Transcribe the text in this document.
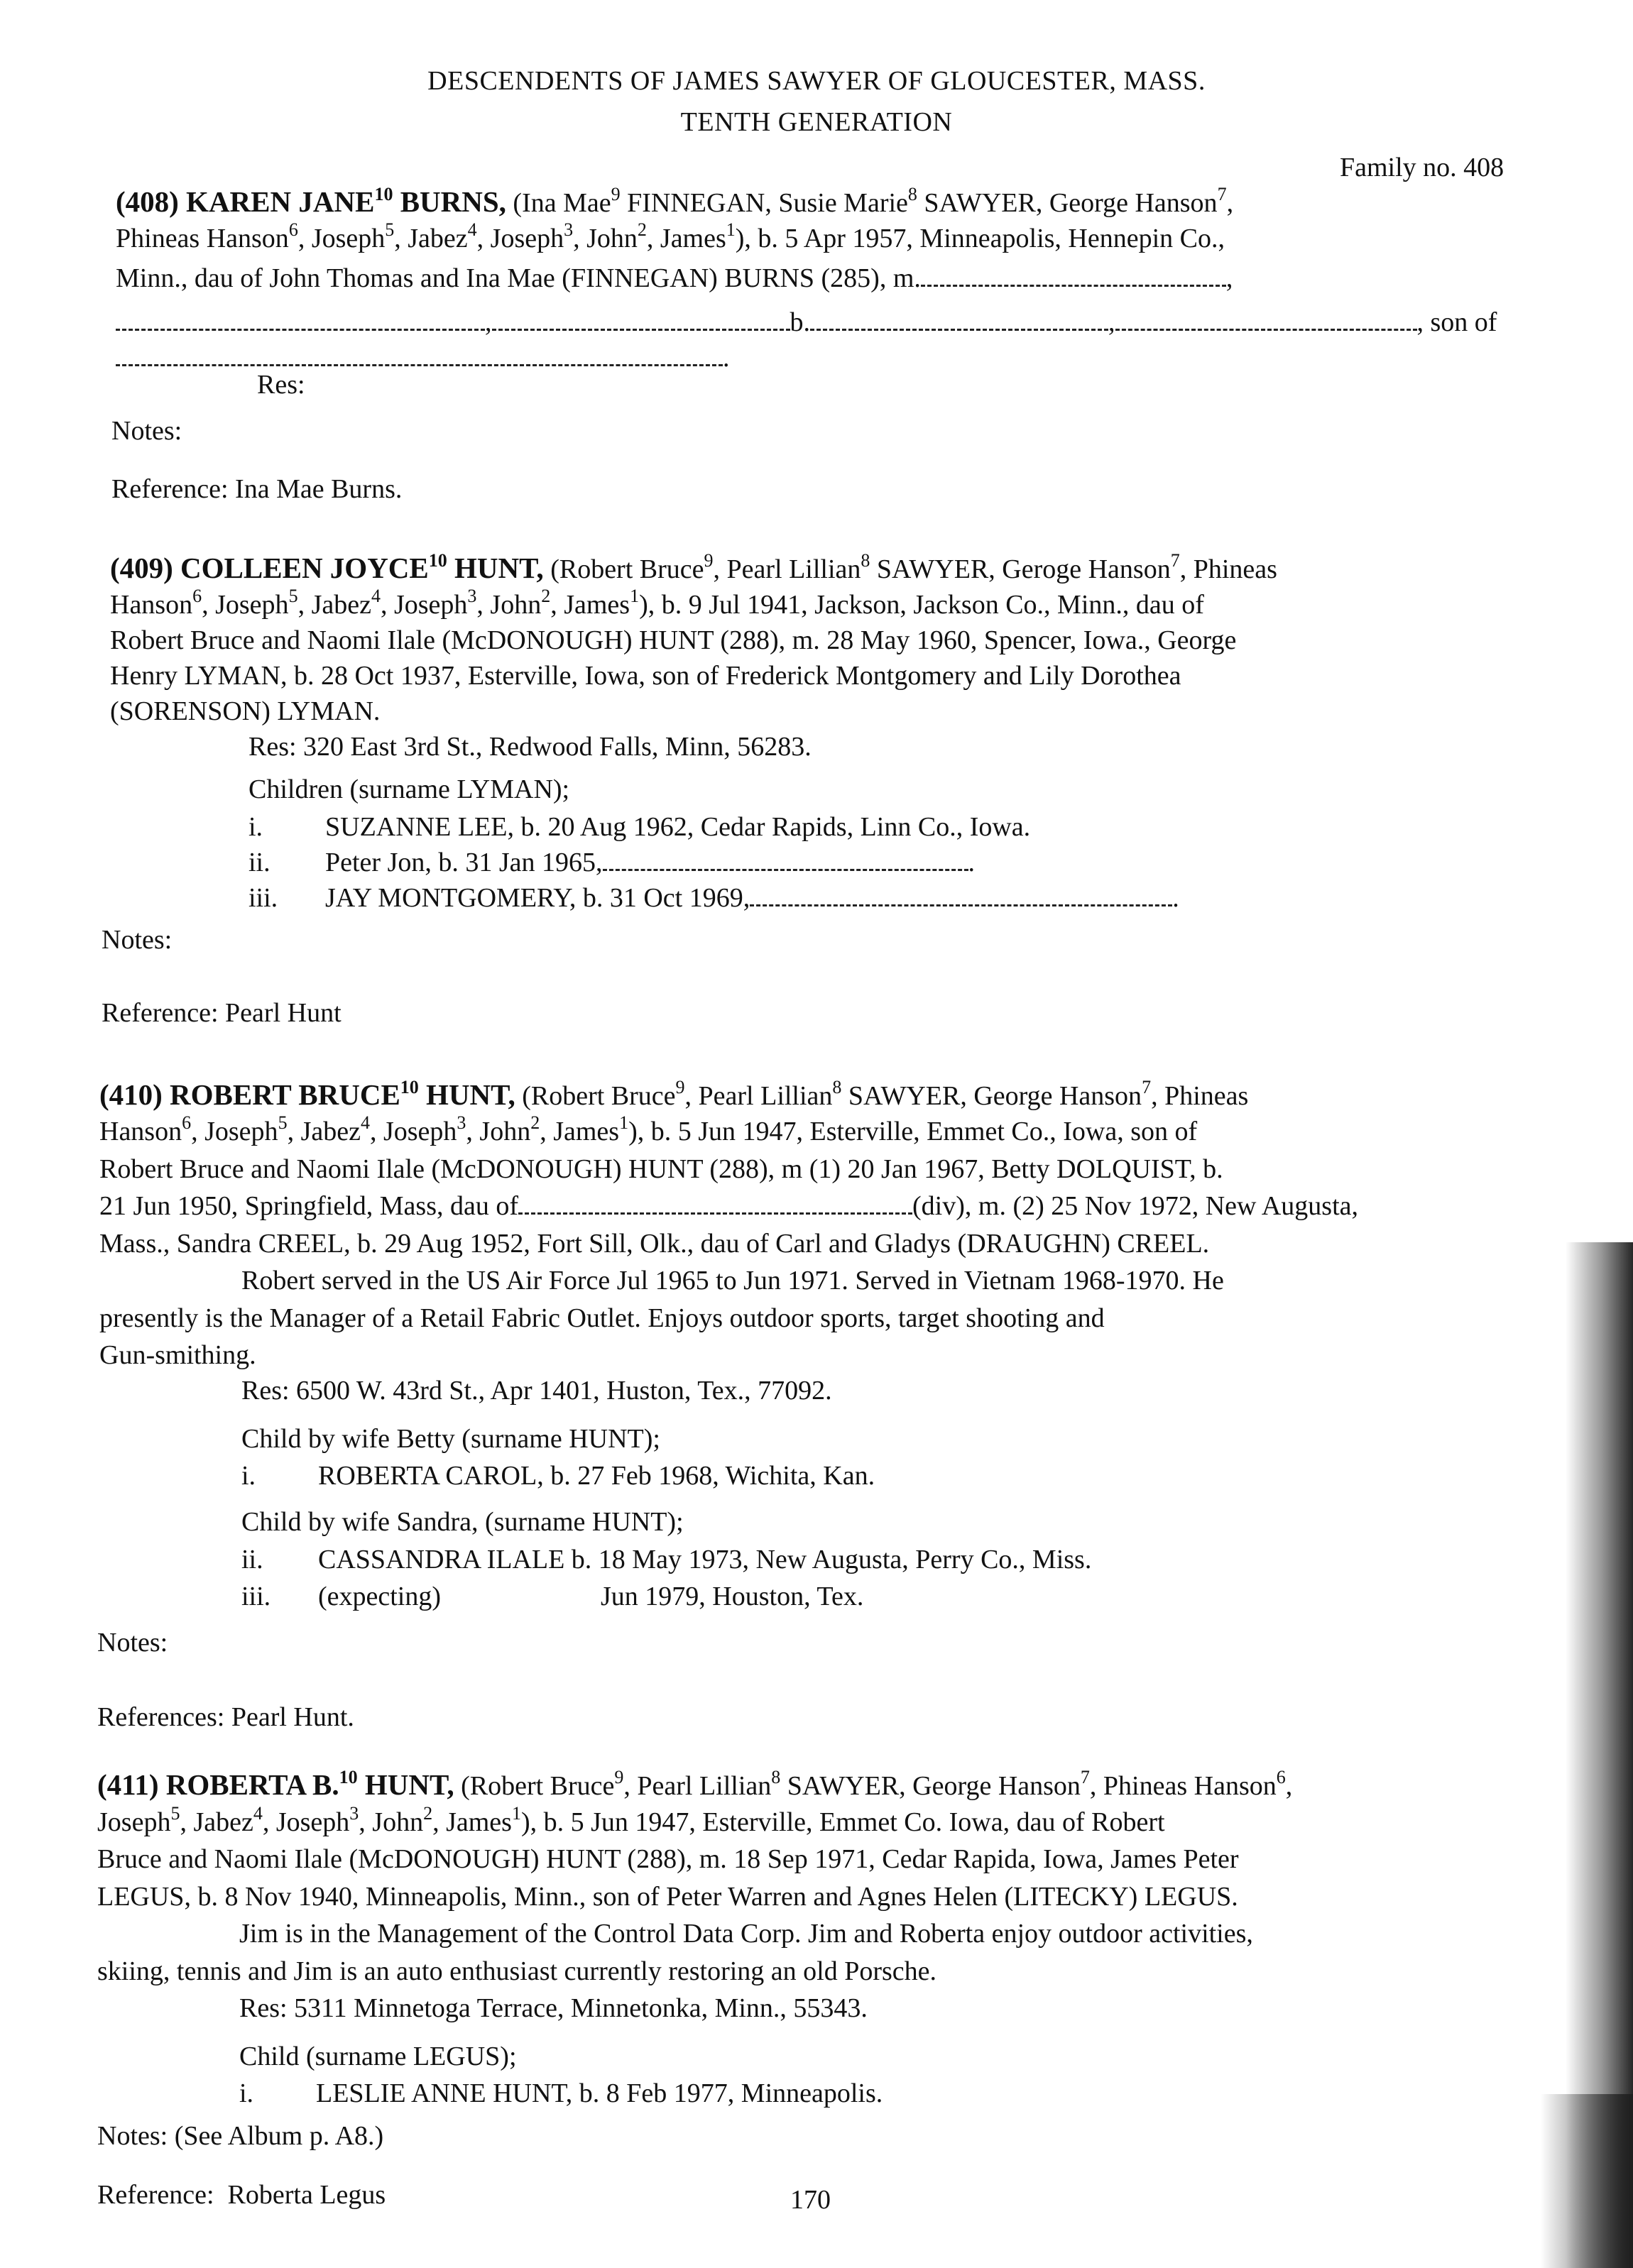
DESCENDENTS OF JAMES SAWYER OF GLOUCESTER, MASS.
TENTH GENERATION
Family no. 408
(408) KAREN JANE$^{10}$ BURNS, (Ina Mae$^9$ FINNEGAN, Susie Marie$^8$ SAWYER, George Hanson$^7$,
Phineas Hanson$^6$, Joseph$^5$, Jabez$^4$, Joseph$^3$, John$^2$, James$^1$), b. 5 Apr 1957, Minneapolis, Hennepin Co.,
Minn., dau of John Thomas and Ina Mae (FINNEGAN) BURNS (285), m.	,
,	b.	,	, son of
.
Res:
Notes:
Reference: Ina Mae Burns.
(409) COLLEEN JOYCE$^{10}$ HUNT, (Robert Bruce$^9$, Pearl Lillian$^8$ SAWYER, Geroge Hanson$^7$, Phineas
Hanson$^6$, Joseph$^5$, Jabez$^4$, Joseph$^3$, John$^2$, James$^1$), b. 9 Jul 1941, Jackson, Jackson Co., Minn., dau of
Robert Bruce and Naomi Ilale (McDONOUGH) HUNT (288), m. 28 May 1960, Spencer, Iowa., George
Henry LYMAN, b. 28 Oct 1937, Esterville, Iowa, son of Frederick Montgomery and Lily Dorothea
(SORENSON) LYMAN.
Res: 320 East 3rd St., Redwood Falls, Minn, 56283.
Children (surname LYMAN);
i. SUZANNE LEE, b. 20 Aug 1962, Cedar Rapids, Linn Co., Iowa.
ii. Peter Jon, b. 31 Jan 1965,	.
iii. JAY MONTGOMERY, b. 31 Oct 1969,	.
Notes:
Reference: Pearl Hunt
(410) ROBERT BRUCE$^{10}$ HUNT, (Robert Bruce$^9$, Pearl Lillian$^8$ SAWYER, George Hanson$^7$, Phineas
Hanson$^6$, Joseph$^5$, Jabez$^4$, Joseph$^3$, John$^2$, James$^1$), b. 5 Jun 1947, Esterville, Emmet Co., Iowa, son of
Robert Bruce and Naomi Ilale (McDONOUGH) HUNT (288), m (1) 20 Jan 1967, Betty DOLQUIST, b.
21 Jun 1950, Springfield, Mass, dau of	(div), m. (2) 25 Nov 1972, New Augusta,
Mass., Sandra CREEL, b. 29 Aug 1952, Fort Sill, Olk., dau of Carl and Gladys (DRAUGHN) CREEL.
Robert served in the US Air Force Jul 1965 to Jun 1971. Served in Vietnam 1968-1970. He
presently is the Manager of a Retail Fabric Outlet. Enjoys outdoor sports, target shooting and
Gun-smithing.
Res: 6500 W. 43rd St., Apr 1401, Huston, Tex., 77092.
Child by wife Betty (surname HUNT);
i. ROBERTA CAROL, b. 27 Feb 1968, Wichita, Kan.
Child by wife Sandra, (surname HUNT);
ii. CASSANDRA ILALE b. 18 May 1973, New Augusta, Perry Co., Miss.
iii. (expecting)	Jun 1979, Houston, Tex.
Notes:
References: Pearl Hunt.
(411) ROBERTA B.$^{10}$ HUNT, (Robert Bruce$^9$, Pearl Lillian$^8$ SAWYER, George Hanson$^7$, Phineas Hanson$^6$,
Joseph$^5$, Jabez$^4$, Joseph$^3$, John$^2$, James$^1$), b. 5 Jun 1947, Esterville, Emmet Co. Iowa, dau of Robert
Bruce and Naomi Ilale (McDONOUGH) HUNT (288), m. 18 Sep 1971, Cedar Rapida, Iowa, James Peter
LEGUS, b. 8 Nov 1940, Minneapolis, Minn., son of Peter Warren and Agnes Helen (LITECKY) LEGUS.
Jim is in the Management of the Control Data Corp. Jim and Roberta enjoy outdoor activities,
skiing, tennis and Jim is an auto enthusiast currently restoring an old Porsche.
Res: 5311 Minnetoga Terrace, Minnetonka, Minn., 55343.
Child (surname LEGUS);
i. LESLIE ANNE HUNT, b. 8 Feb 1977, Minneapolis.
Notes: (See Album p. A8.)
Reference: Roberta Legus	170
